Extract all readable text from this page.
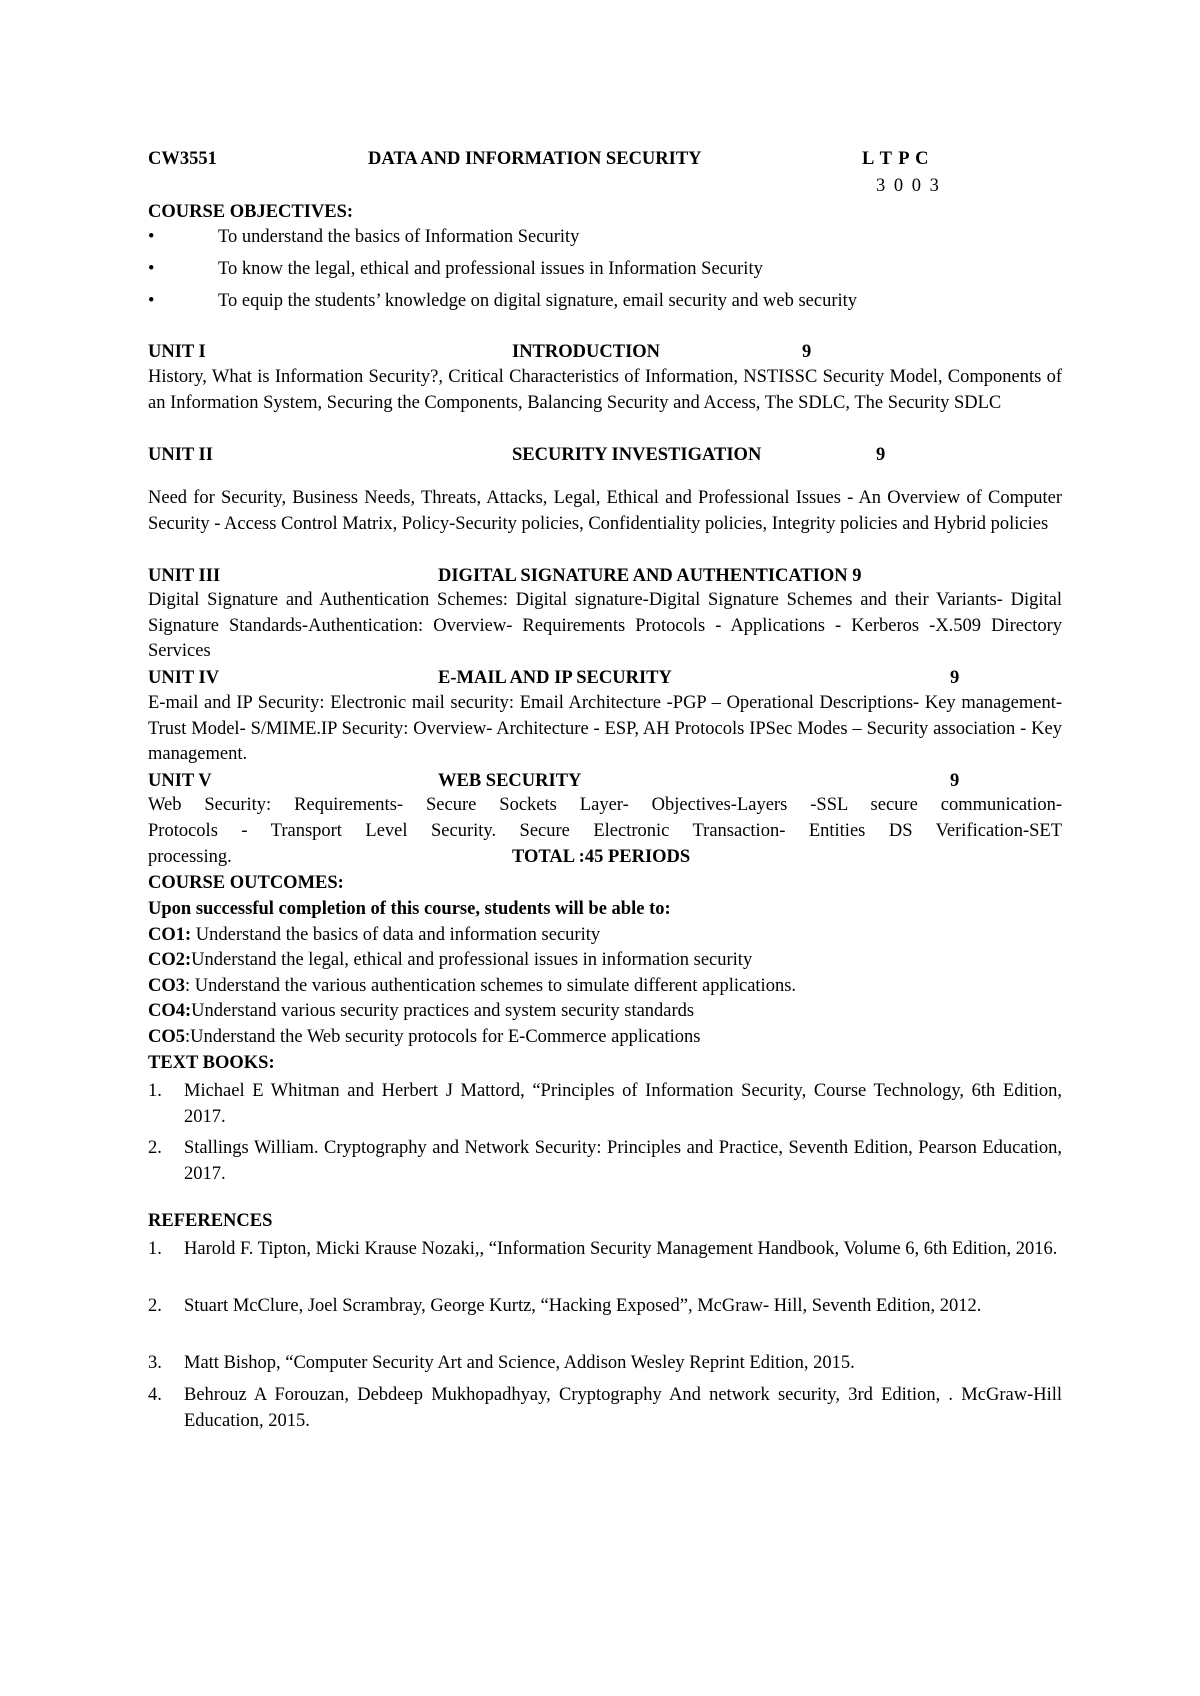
CW3551	DATA AND INFORMATION SECURITY	L T P C
3 0 0 3
COURSE OBJECTIVES:
•	To understand the basics of Information Security
•	To know the legal, ethical and professional issues in Information Security
•	To equip the students’ knowledge on digital signature, email security and web security
UNIT I	INTRODUCTION	9
History, What is Information Security?, Critical Characteristics of Information, NSTISSC Security Model, Components of an Information System, Securing the Components, Balancing Security and Access, The SDLC, The Security SDLC
UNIT II	SECURITY INVESTIGATION	9
Need for Security, Business Needs, Threats, Attacks, Legal, Ethical and Professional Issues - An Overview of Computer Security - Access Control Matrix, Policy-Security policies, Confidentiality policies, Integrity policies and Hybrid policies
UNIT III	DIGITAL SIGNATURE AND AUTHENTICATION 9
Digital Signature and Authentication Schemes: Digital signature-Digital Signature Schemes and their Variants- Digital Signature Standards-Authentication: Overview- Requirements Protocols - Applications - Kerberos -X.509 Directory Services
UNIT IV	E-MAIL AND IP SECURITY	9
E-mail and IP Security: Electronic mail security: Email Architecture -PGP – Operational Descriptions- Key management- Trust Model- S/MIME.IP Security: Overview- Architecture - ESP, AH Protocols IPSec Modes – Security association - Key management.
UNIT V	WEB SECURITY	9
Web Security: Requirements- Secure Sockets Layer- Objectives-Layers -SSL secure communication-
Protocols - Transport Level Security. Secure Electronic Transaction- Entities DS Verification-SET
processing.	TOTAL :45 PERIODS
COURSE OUTCOMES:
Upon successful completion of this course, students will be able to:
CO1: Understand the basics of data and information security
CO2:Understand the legal, ethical and professional issues in information security
CO3: Understand the various authentication schemes to simulate different applications.
CO4:Understand various security practices and system security standards
CO5:Understand the Web security protocols for E-Commerce applications
TEXT BOOKS:
1. Michael E Whitman and Herbert J Mattord, “Principles of Information Security, Course Technology, 6th Edition, 2017.
2. Stallings William. Cryptography and Network Security: Principles and Practice, Seventh Edition, Pearson Education, 2017.
REFERENCES
1. Harold F. Tipton, Micki Krause Nozaki,, “Information Security Management Handbook, Volume 6, 6th Edition, 2016.
2. Stuart McClure, Joel Scrambray, George Kurtz, “Hacking Exposed”, McGraw- Hill, Seventh Edition, 2012.
3. Matt Bishop, “Computer Security Art and Science, Addison Wesley Reprint Edition, 2015.
4. Behrouz A Forouzan, Debdeep Mukhopadhyay, Cryptography And network security, 3rd Edition, . McGraw-Hill Education, 2015.
